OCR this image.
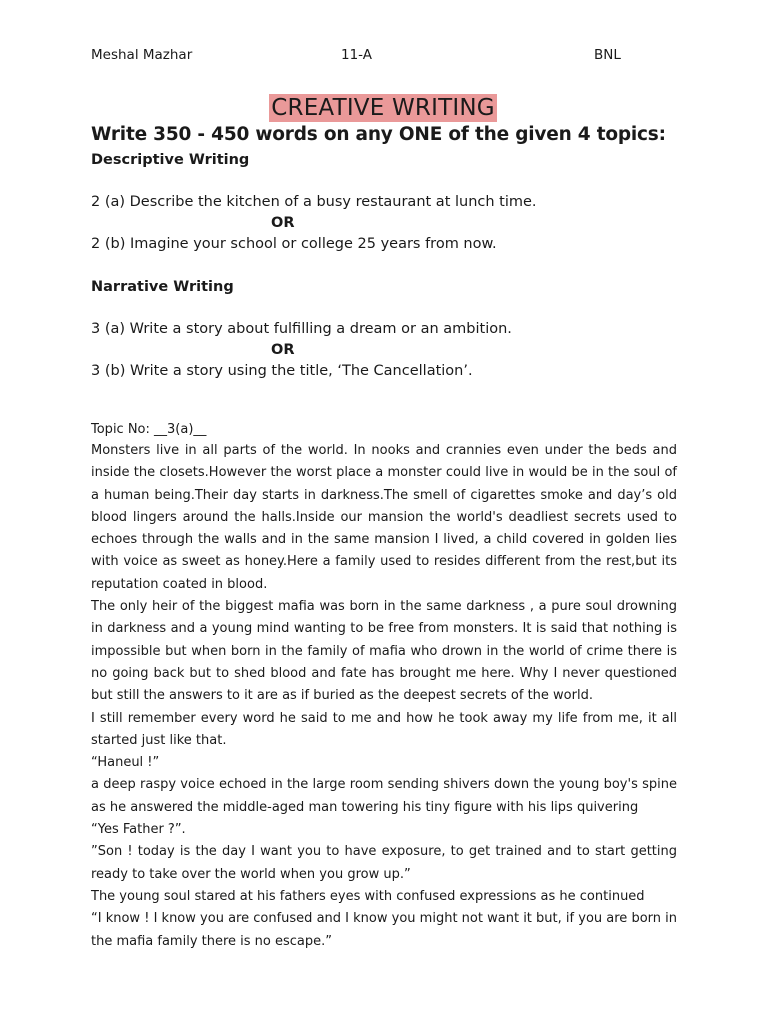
Meshal Mazhar	11-A	BNL
CREATIVE WRITING
Write 350 - 450 words on any ONE of the given 4 topics:
Descriptive Writing
2 (a) Describe the kitchen of a busy restaurant at lunch time.
OR
2 (b) Imagine your school or college 25 years from now.
Narrative Writing
3 (a) Write a story about fulfilling a dream or an ambition.
OR
3 (b) Write a story using the title, ‘The Cancellation’.
Topic No: __3(a)__

Monsters live in all parts of the world. In nooks and crannies even under the beds and inside the closets.However the worst place a monster could live in would be in the soul of a human being.Their day starts in darkness.The smell of cigarettes smoke and day’s old blood lingers around the halls.Inside our mansion the world's deadliest secrets used to echoes through the walls and in the same mansion I lived, a child covered in golden lies with voice as sweet as honey.Here a family used to resides different from the rest,but its reputation coated in blood.

The only heir of the biggest mafia was born in the same darkness , a pure soul drowning in darkness and a young mind wanting to be free from monsters. It is said that nothing is impossible but when born in the family of mafia who drown in the world of crime there is no going back but to shed blood and fate has brought me here. Why I never questioned but still the answers to it are as if buried as the deepest secrets of the world.

I still remember every word he said to me and how he took away my life from me, it all started just like that.

“Haneul !”

a deep raspy voice echoed in the large room sending shivers down the young boy's spine as he answered the middle-aged man towering his tiny figure with his lips quivering

“Yes Father ?”.

”Son ! today is the day I want you to have exposure, to get trained and to start getting ready to take over the world when you grow up.”

The young soul stared at his fathers eyes with confused expressions as he continued

“I know ! I know you are confused and I know you might not want it but, if you are born in the mafia family there is no escape.”
